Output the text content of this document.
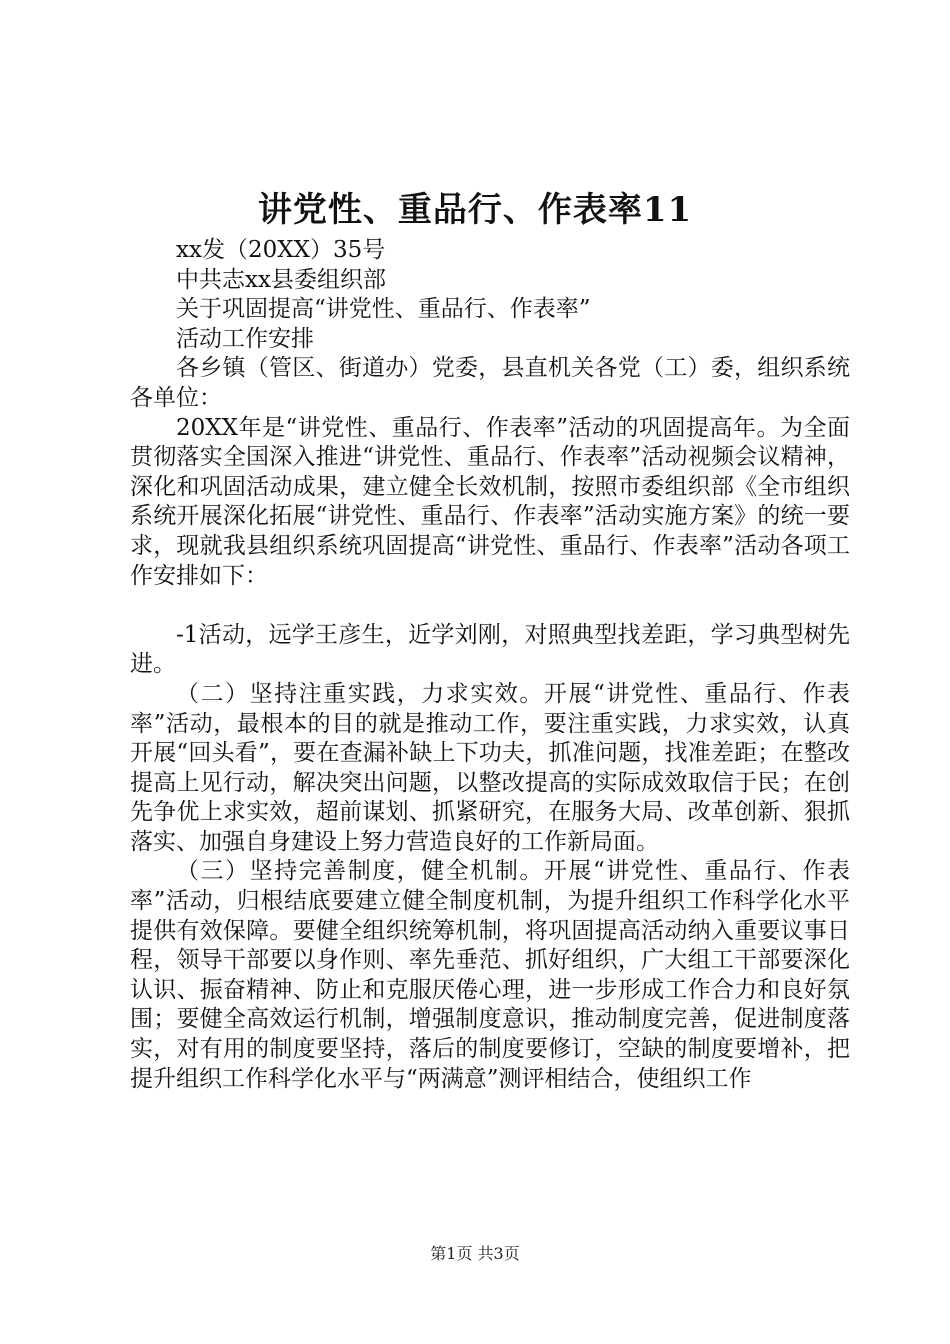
讲党性、重品行、作表率11

xx发（20XX）35号

中共志xx县委组织部

关于巩固提高“讲党性、重品行、作表率”

活动工作安排

各乡镇（管区、街道办）党委，县直机关各党（工）委，组织系统各单位：

20XX年是“讲党性、重品行、作表率”活动的巩固提高年。为全面贯彻落实全国深入推进“讲党性、重品行、作表率”活动视频会议精神，深化和巩固活动成果，建立健全长效机制，按照市委组织部《全市组织系统开展深化拓展“讲党性、重品行、作表率”活动实施方案》的统一要求，现就我县组织系统巩固提高“讲党性、重品行、作表率”活动各项工作安排如下：

-1活动，远学王彦生，近学刘刚，对照典型找差距，学习典型树先进。

（二）坚持注重实践，力求实效。开展“讲党性、重品行、作表率”活动，最根本的目的就是推动工作，要注重实践，力求实效，认真开展“回头看”，要在查漏补缺上下功夫，抓准问题，找准差距；在整改提高上见行动，解决突出问题，以整改提高的实际成效取信于民；在创先争优上求实效，超前谋划、抓紧研究，在服务大局、改革创新、狠抓落实、加强自身建设上努力营造良好的工作新局面。

（三）坚持完善制度，健全机制。开展“讲党性、重品行、作表率”活动，归根结底要建立健全制度机制，为提升组织工作科学化水平提供有效保障。要健全组织统筹机制，将巩固提高活动纳入重要议事日程，领导干部要以身作则、率先垂范、抓好组织，广大组工干部要深化认识、振奋精神、防止和克服厌倦心理，进一步形成工作合力和良好氛围；要健全高效运行机制，增强制度意识，推动制度完善，促进制度落实，对有用的制度要坚持，落后的制度要修订，空缺的制度要增补，把提升组织工作科学化水平与“两满意”测评相结合，使组织工作

第1页 共3页
